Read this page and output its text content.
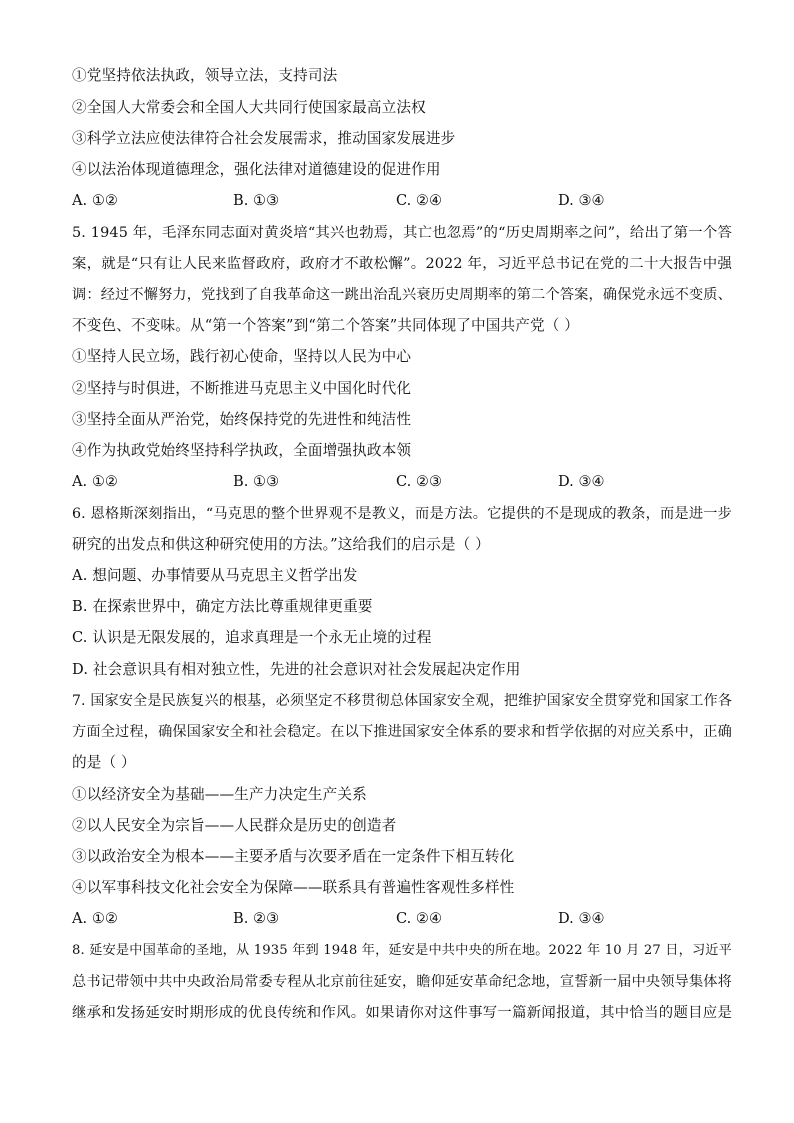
①党坚持依法执政，领导立法，支持司法
②全国人大常委会和全国人大共同行使国家最高立法权
③科学立法应使法律符合社会发展需求，推动国家发展进步
④以法治体现道德理念，强化法律对道德建设的促进作用
A. ①②	B. ①③	C. ②④	D. ③④
5. 1945 年，毛泽东同志面对黄炎培“其兴也勃焉，其亡也忽焉”的“历史周期率之问”，给出了第一个答
案，就是“只有让人民来监督政府，政府才不敢松懈”。2022 年，习近平总书记在党的二十大报告中强
调：经过不懈努力，党找到了自我革命这一跳出治乱兴衰历史周期率的第二个答案，确保党永远不变质、
不变色、不变味。从“第一个答案”到“第二个答案”共同体现了中国共产党（ ）
①坚持人民立场，践行初心使命，坚持以人民为中心
②坚持与时俱进，不断推进马克思主义中国化时代化
③坚持全面从严治党，始终保持党的先进性和纯洁性
④作为执政党始终坚持科学执政，全面增强执政本领
A. ①②	B. ①③	C. ②③	D. ③④
6. 恩格斯深刻指出，“马克思的整个世界观不是教义，而是方法。它提供的不是现成的教条，而是进一步
研究的出发点和供这种研究使用的方法。”这给我们的启示是（ ）
A. 想问题、办事情要从马克思主义哲学出发
B. 在探索世界中，确定方法比尊重规律更重要
C. 认识是无限发展的，追求真理是一个永无止境的过程
D. 社会意识具有相对独立性，先进的社会意识对社会发展起决定作用
7. 国家安全是民族复兴的根基，必须坚定不移贯彻总体国家安全观，把维护国家安全贯穿党和国家工作各
方面全过程，确保国家安全和社会稳定。在以下推进国家安全体系的要求和哲学依据的对应关系中，正确
的是（ ）
①以经济安全为基础——生产力决定生产关系
②以人民安全为宗旨——人民群众是历史的创造者
③以政治安全为根本——主要矛盾与次要矛盾在一定条件下相互转化
④以军事科技文化社会安全为保障——联系具有普遍性客观性多样性
A. ①②	B. ②③	C. ②④	D. ③④
8. 延安是中国革命的圣地，从 1935 年到 1948 年，延安是中共中央的所在地。2022 年 10 月 27 日，习近平
总书记带领中共中央政治局常委专程从北京前往延安，瞻仰延安革命纪念地，宣誓新一届中央领导集体将
继承和发扬延安时期形成的优良传统和作风。如果请你对这件事写一篇新闻报道，其中恰当的题目应是
